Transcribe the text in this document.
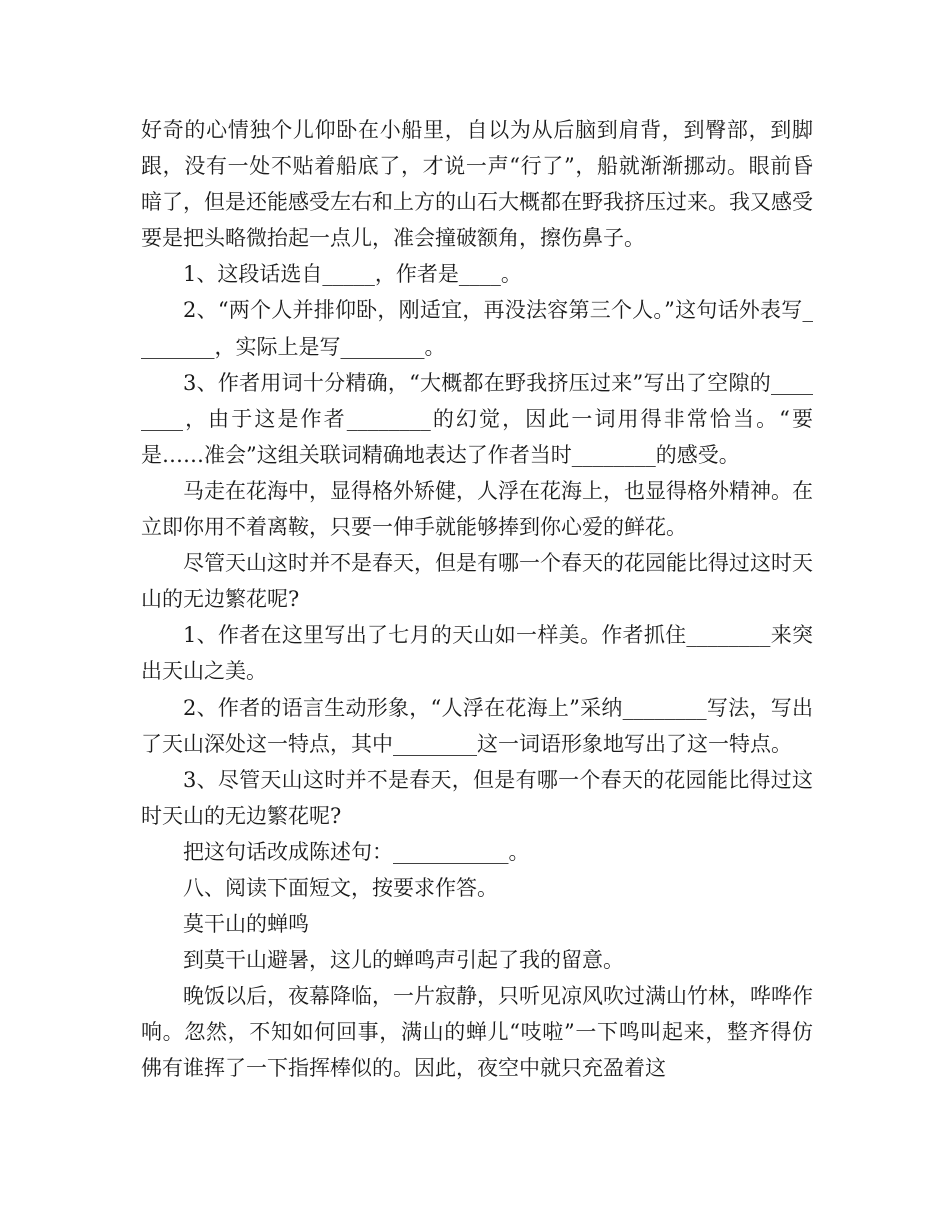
好奇的心情独个儿仰卧在小船里，自以为从后脑到肩背，到臀部，到脚跟，没有一处不贴着船底了，才说一声“行了”，船就渐渐挪动。眼前昏暗了，但是还能感受左右和上方的山石大概都在野我挤压过来。我又感受要是把头略微抬起一点儿，准会撞破额角，擦伤鼻子。

1、这段话选自_____，作者是____。

2、“两个人并排仰卧，刚适宜，再没法容第三个人。”这句话外表写________，实际上是写________。

3、作者用词十分精确，“大概都在野我挤压过来”写出了空隙的________，由于这是作者________的幻觉，因此一词用得非常恰当。“要是……准会”这组关联词精确地表达了作者当时________的感受。

马走在花海中，显得格外矫健，人浮在花海上，也显得格外精神。在立即你用不着离鞍，只要一伸手就能够捧到你心爱的鲜花。

尽管天山这时并不是春天，但是有哪一个春天的花园能比得过这时天山的无边繁花呢?

1、作者在这里写出了七月的天山如一样美。作者抓住________来突出天山之美。

2、作者的语言生动形象，“人浮在花海上”采纳________写法，写出了天山深处这一特点，其中________这一词语形象地写出了这一特点。

3、尽管天山这时并不是春天，但是有哪一个春天的花园能比得过这时天山的无边繁花呢?

把这句话改成陈述句：___________。

八、阅读下面短文，按要求作答。

莫干山的蝉鸣

到莫干山避暑，这儿的蝉鸣声引起了我的留意。

晚饭以后，夜幕降临，一片寂静，只听见凉风吹过满山竹林，哗哗作响。忽然，不知如何回事，满山的蝉儿“吱啦”一下鸣叫起来，整齐得仿佛有谁挥了一下指挥棒似的。因此，夜空中就只充盈着这
